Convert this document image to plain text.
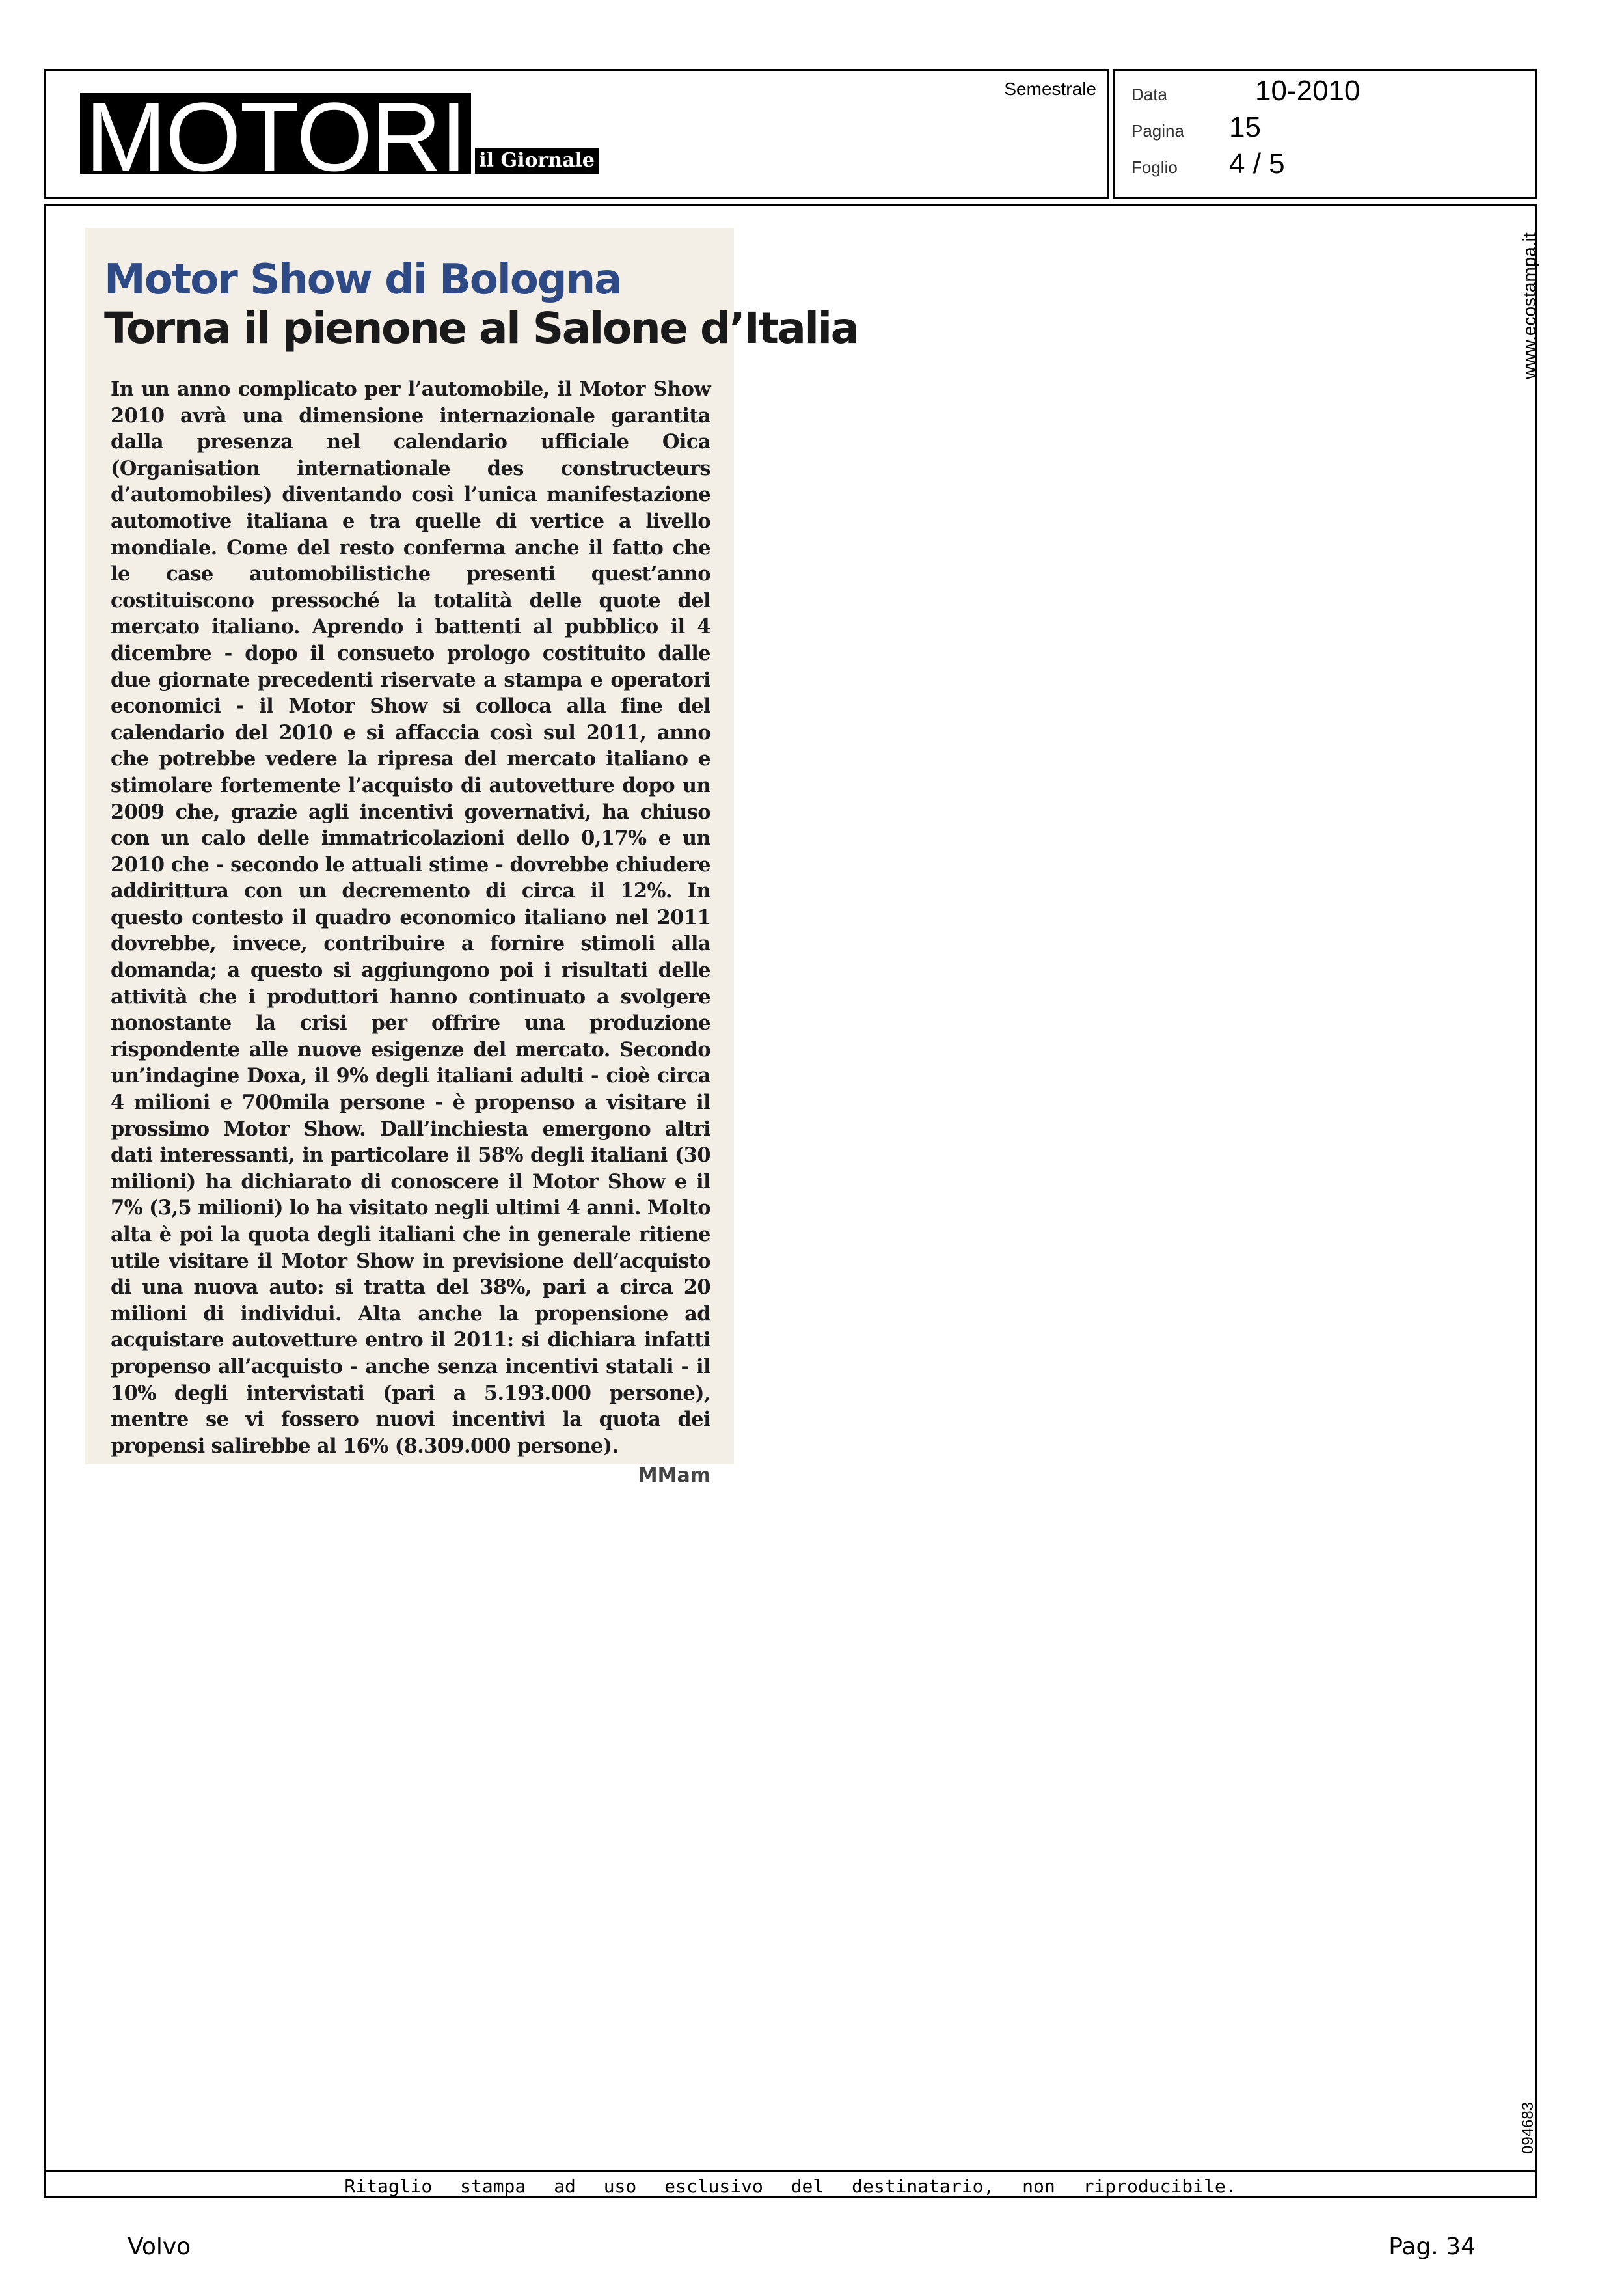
MOTORI il Giornale
Semestrale Data	10-2010
Pagina 15
Foglio 4 / 5
Ritaglio stampa ad uso esclusivo del destinatario, non riproducibile.
www.ecostampa.it
094683
Motor Show di Bologna
Torna il pienone al Salone d’Italia
In un anno complicato per l’automobile, il Motor Show 2010 avrà una dimensione internazionale garantita dalla presenza nel calendario ufficiale Oica (Organisation internationale des constructeurs d’automobiles) diventando così l’unica manifestazione automotive italiana e tra quelle di vertice a livello mondiale. Come del resto conferma anche il fatto che le case automobilistiche presenti quest’anno costituiscono pressoché la totalità delle quote del mercato italiano. Aprendo i battenti al pubblico il 4 dicembre - dopo il consueto prologo costituito dalle due giornate precedenti riservate a stampa e operatori economici - il Motor Show si colloca alla fine del calendario del 2010 e si affaccia così sul 2011, anno che potrebbe vedere la ripresa del mercato italiano e stimolare fortemente l’acquisto di autovetture dopo un 2009 che, grazie agli incentivi governativi, ha chiuso con un calo delle immatricolazioni dello 0,17% e un 2010 che - secondo le attuali stime - dovrebbe chiudere addirittura con un decremento di circa il 12%. In questo contesto il quadro economico italiano nel 2011 dovrebbe, invece, contribuire a fornire stimoli alla domanda; a questo si aggiungono poi i risultati delle attività che i produttori hanno continuato a svolgere nonostante la crisi per offrire una produzione rispondente alle nuove esigenze del mercato. Secondo un’indagine Doxa, il 9% degli italiani adulti - cioè circa 4 milioni e 700mila persone - è propenso a visitare il prossimo Motor Show. Dall’inchiesta emergono altri dati interessanti, in particolare il 58% degli italiani (30 milioni) ha dichiarato di conoscere il Motor Show e il 7% (3,5 milioni) lo ha visitato negli ultimi 4 anni. Molto alta è poi la quota degli italiani che in generale ritiene utile visitare il Motor Show in previsione dell’acquisto di una nuova auto: si tratta del 38%, pari a circa 20 milioni di individui. Alta anche la propensione ad acquistare autovetture entro il 2011: si dichiara infatti propenso all’acquisto - anche senza incentivi statali - il 10% degli intervistati (pari a 5.193.000 persone), mentre se vi fossero nuovi incentivi la quota dei propensi salirebbe al 16% (8.309.000 persone).
MMam
Volvo	Pag. 34
